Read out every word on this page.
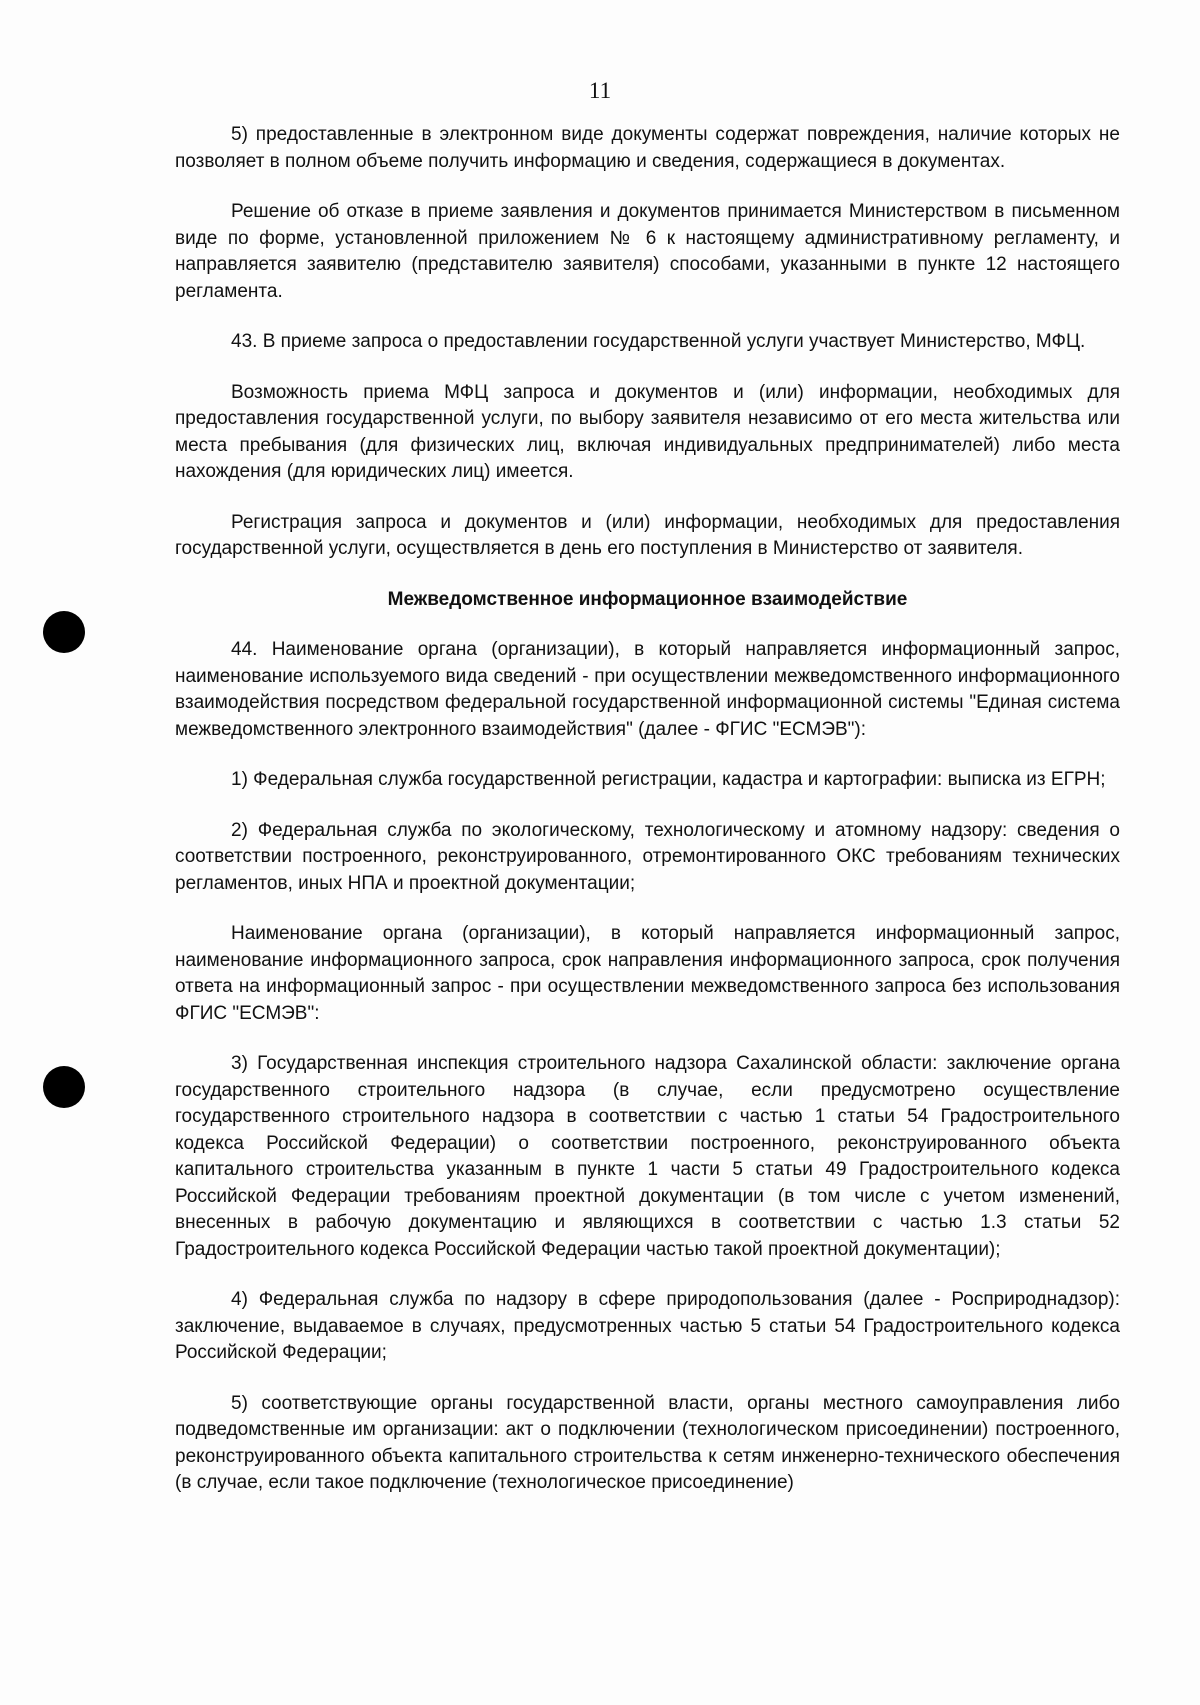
11

5) предоставленные в электронном виде документы содержат повреждения, наличие которых не позволяет в полном объеме получить информацию и сведения, содержащиеся в документах.

Решение об отказе в приеме заявления и документов принимается Министерством в письменном виде по форме, установленной приложением № 6 к настоящему административному регламенту, и направляется заявителю (представителю заявителя) способами, указанными в пункте 12 настоящего регламента.

43. В приеме запроса о предоставлении государственной услуги участвует Министерство, МФЦ.

Возможность приема МФЦ запроса и документов и (или) информации, необходимых для предоставления государственной услуги, по выбору заявителя независимо от его места жительства или места пребывания (для физических лиц, включая индивидуальных предпринимателей) либо места нахождения (для юридических лиц) имеется.

Регистрация запроса и документов и (или) информации, необходимых для предоставления государственной услуги, осуществляется в день его поступления в Министерство от заявителя.

Межведомственное информационное взаимодействие

44. Наименование органа (организации), в который направляется информационный запрос, наименование используемого вида сведений - при осуществлении межведомственного информационного взаимодействия посредством федеральной государственной информационной системы "Единая система межведомственного электронного взаимодействия" (далее - ФГИС "ЕСМЭВ"):

1) Федеральная служба государственной регистрации, кадастра и картографии: выписка из ЕГРН;

2) Федеральная служба по экологическому, технологическому и атомному надзору: сведения о соответствии построенного, реконструированного, отремонтированного ОКС требованиям технических регламентов, иных НПА и проектной документации;

Наименование органа (организации), в который направляется информационный запрос, наименование информационного запроса, срок направления информационного запроса, срок получения ответа на информационный запрос - при осуществлении межведомственного запроса без использования ФГИС "ЕСМЭВ":

3) Государственная инспекция строительного надзора Сахалинской области: заключение органа государственного строительного надзора (в случае, если предусмотрено осуществление государственного строительного надзора в соответствии с частью 1 статьи 54 Градостроительного кодекса Российской Федерации) о соответствии построенного, реконструированного объекта капитального строительства указанным в пункте 1 части 5 статьи 49 Градостроительного кодекса Российской Федерации требованиям проектной документации (в том числе с учетом изменений, внесенных в рабочую документацию и являющихся в соответствии с частью 1.3 статьи 52 Градостроительного кодекса Российской Федерации частью такой проектной документации);

4) Федеральная служба по надзору в сфере природопользования (далее - Росприроднадзор): заключение, выдаваемое в случаях, предусмотренных частью 5 статьи 54 Градостроительного кодекса Российской Федерации;

5) соответствующие органы государственной власти, органы местного самоуправления либо подведомственные им организации: акт о подключении (технологическом присоединении) построенного, реконструированного объекта капитального строительства к сетям инженерно-технического обеспечения (в случае, если такое подключение (технологическое присоединение)
